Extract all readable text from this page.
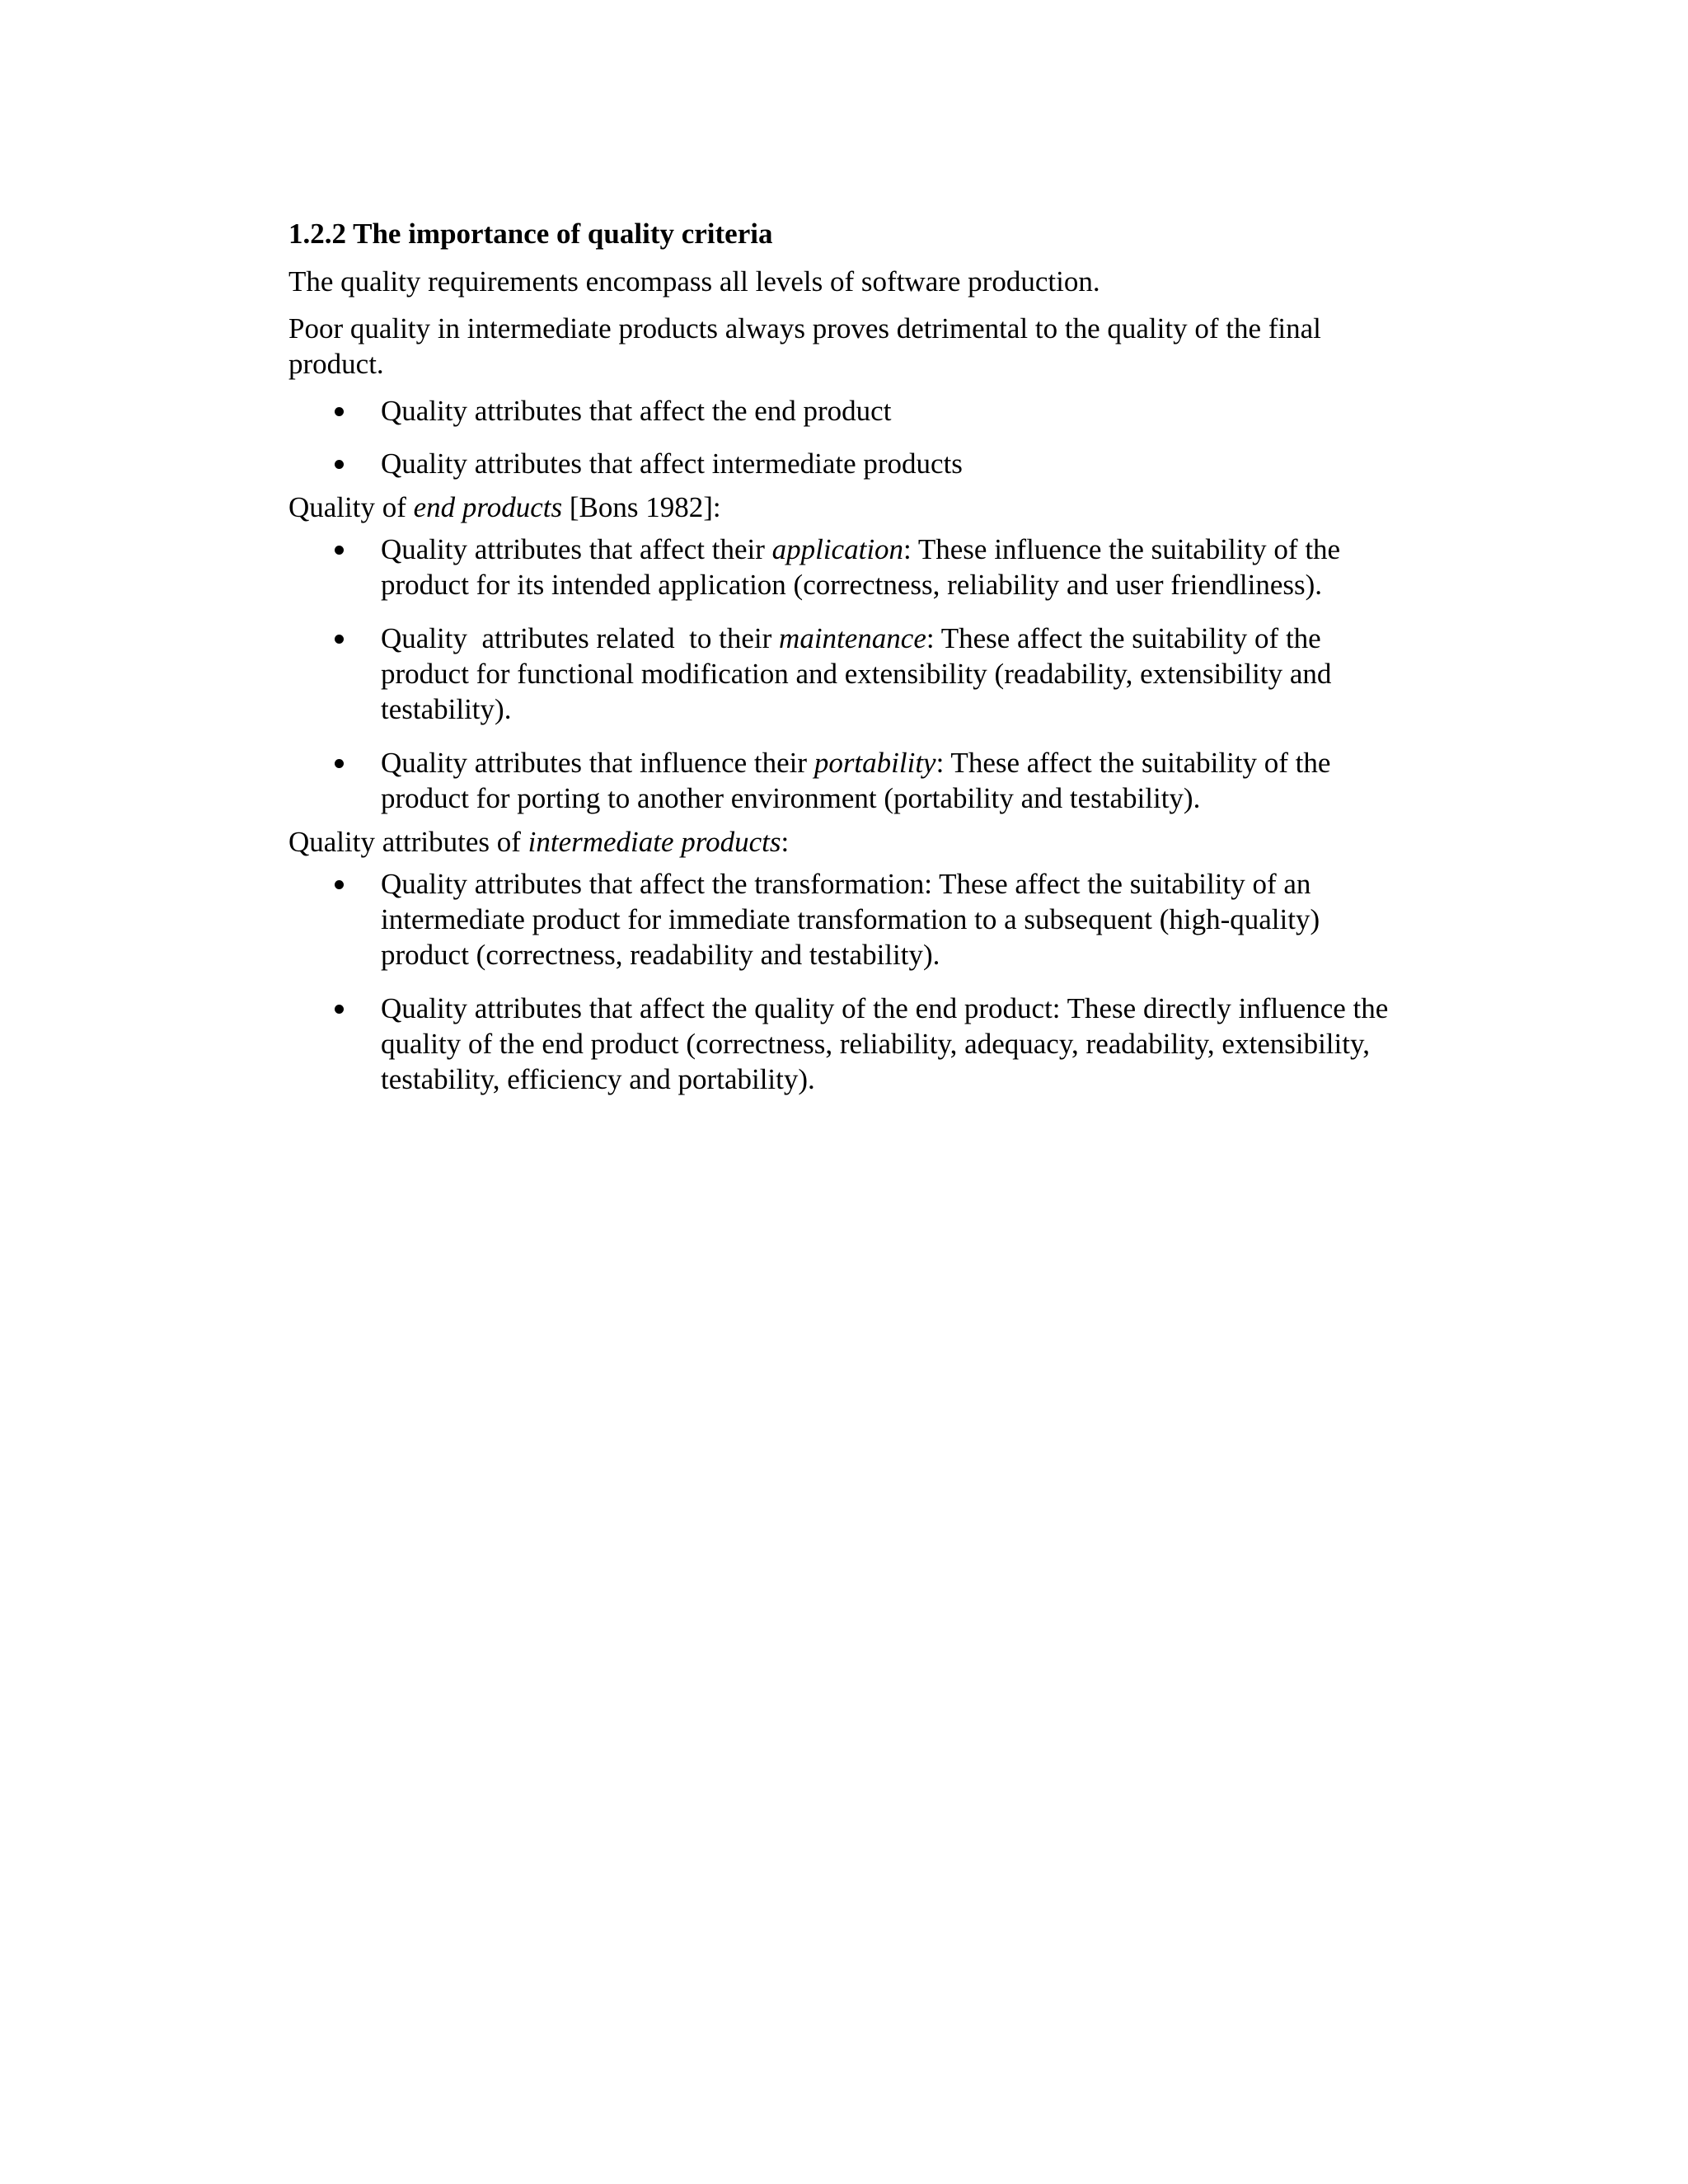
1.2.2 The importance of quality criteria

The quality requirements encompass all levels of software production.

Poor quality in intermediate products always proves detrimental to the quality of the final product.

Quality attributes that affect the end product
Quality attributes that affect intermediate products

Quality of end products [Bons 1982]:

Quality attributes that affect their application: These influence the suitability of the product for its intended application (correctness, reliability and user friendliness).
Quality  attributes related  to their maintenance: These affect the suitability of the product for functional modification and extensibility (readability, extensibility and testability).
Quality attributes that influence their portability: These affect the suitability of the product for porting to another environment (portability and testability).

Quality attributes of intermediate products:

Quality attributes that affect the transformation: These affect the suitability of an intermediate product for immediate transformation to a subsequent (high-quality) product (correctness, readability and testability).
Quality attributes that affect the quality of the end product: These directly influence the quality of the end product (correctness, reliability, adequacy, readability, extensibility, testability, efficiency and portability).
